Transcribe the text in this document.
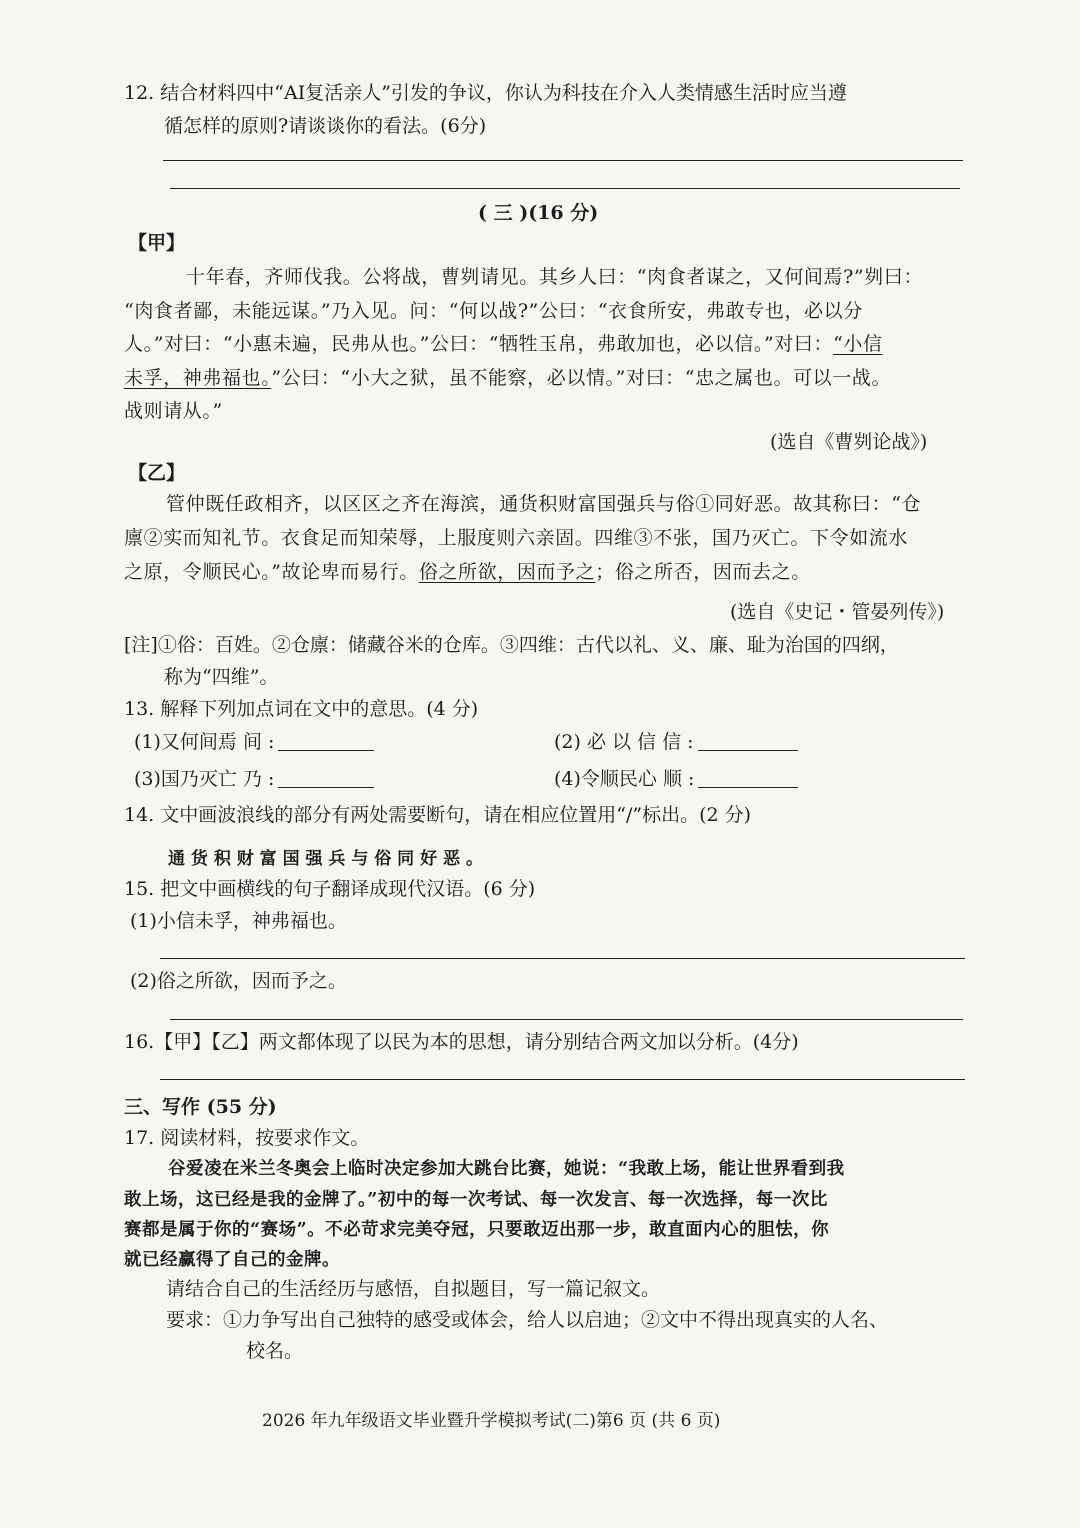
12. 结合材料四中“AI复活亲人”引发的争议，你认为科技在介入人类情感生活时应当遵
循怎样的原则?请谈谈你的看法。(6分)
( 三 )(16 分)
【甲】
十年春，齐师伐我。公将战，曹刿请见。其乡人曰：“肉食者谋之，又何间焉?”刿曰：
“肉食者鄙，未能远谋。”乃入见。问：“何以战?”公曰：“衣食所安，弗敢专也，必以分
人。”对曰：“小惠未遍，民弗从也。”公曰：“牺牲玉帛，弗敢加也，必以信。”对曰：“小信
未孚，神弗福也。”公曰：“小大之狱，虽不能察，必以情。”对曰：“忠之属也。可以一战。
战则请从。”
(选自《曹刿论战》)
【乙】
管仲既任政相齐，以区区之齐在海滨，通货积财富国强兵与俗①同好恶。故其称曰：“仓
廪②实而知礼节。衣食足而知荣辱，上服度则六亲固。四维③不张，国乃灭亡。下令如流水
之原，令顺民心。”故论卑而易行。俗之所欲，因而予之；俗之所否，因而去之。
(选自《史记・管晏列传》)
[注]①俗：百姓。②仓廪：储藏谷米的仓库。③四维：古代以礼、义、廉、耻为治国的四纲，
称为“四维”。
13. 解释下列加点词在文中的意思。(4 分)
(1)又何间焉 间 :	(2) 必 以 信 信 :
(3)国乃灭亡 乃 :	(4)令顺民心 顺 :
14. 文中画波浪线的部分有两处需要断句，请在相应位置用“/”标出。(2 分)
通 货 积 财 富 国 强 兵 与 俗 同 好 恶 。
15. 把文中画横线的句子翻译成现代汉语。(6 分)
(1)小信未孚，神弗福也。
(2)俗之所欲，因而予之。
16.【甲】【乙】两文都体现了以民为本的思想，请分别结合两文加以分析。(4分)
三、写作 (55 分)
17. 阅读材料，按要求作文。
谷爱凌在米兰冬奥会上临时决定参加大跳台比赛，她说：“我敢上场，能让世界看到我
敢上场，这已经是我的金牌了。”初中的每一次考试、每一次发言、每一次选择，每一次比
赛都是属于你的“赛场”。不必苛求完美夺冠，只要敢迈出那一步，敢直面内心的胆怯，你
就已经赢得了自己的金牌。
请结合自己的生活经历与感悟，自拟题目，写一篇记叙文。
要求：①力争写出自己独特的感受或体会，给人以启迪；②文中不得出现真实的人名、
校名。
2026 年九年级语文毕业暨升学模拟考试(二)第6 页 (共 6 页)
